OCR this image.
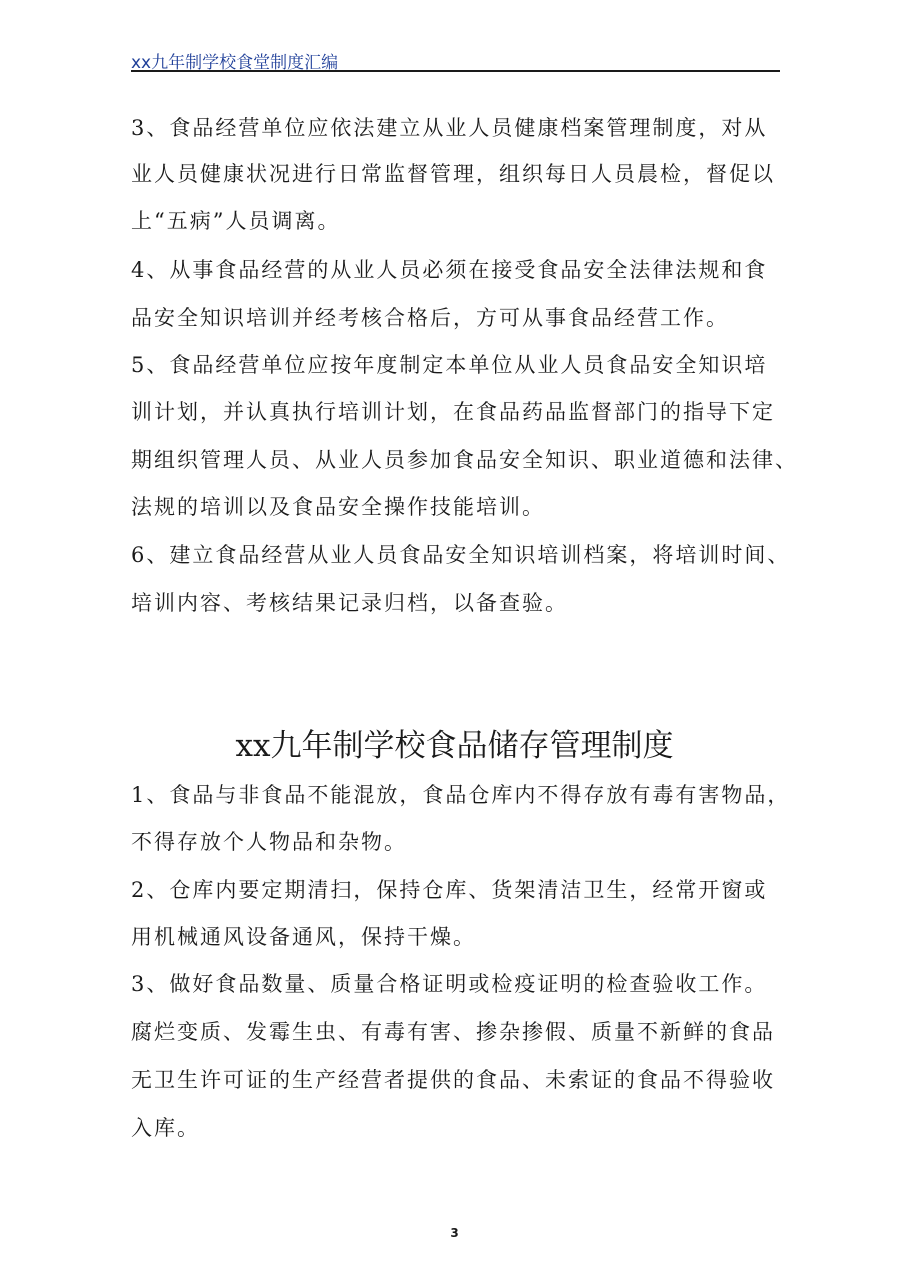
xx九年制学校食堂制度汇编
3、食品经营单位应依法建立从业人员健康档案管理制度，对从
业人员健康状况进行日常监督管理，组织每日人员晨检，督促以
上“五病”人员调离。
4、从事食品经营的从业人员必须在接受食品安全法律法规和食
品安全知识培训并经考核合格后，方可从事食品经营工作。
5、食品经营单位应按年度制定本单位从业人员食品安全知识培
训计划，并认真执行培训计划，在食品药品监督部门的指导下定
期组织管理人员、从业人员参加食品安全知识、职业道德和法律、
法规的培训以及食品安全操作技能培训。
6、建立食品经营从业人员食品安全知识培训档案，将培训时间、
培训内容、考核结果记录归档，以备查验。
xx九年制学校食品储存管理制度
1、食品与非食品不能混放，食品仓库内不得存放有毒有害物品，
不得存放个人物品和杂物。
2、仓库内要定期清扫，保持仓库、货架清洁卫生，经常开窗或
用机械通风设备通风，保持干燥。
3、做好食品数量、质量合格证明或检疫证明的检查验收工作。
腐烂变质、发霉生虫、有毒有害、掺杂掺假、质量不新鲜的食品
无卫生许可证的生产经营者提供的食品、未索证的食品不得验收
入库。
3
